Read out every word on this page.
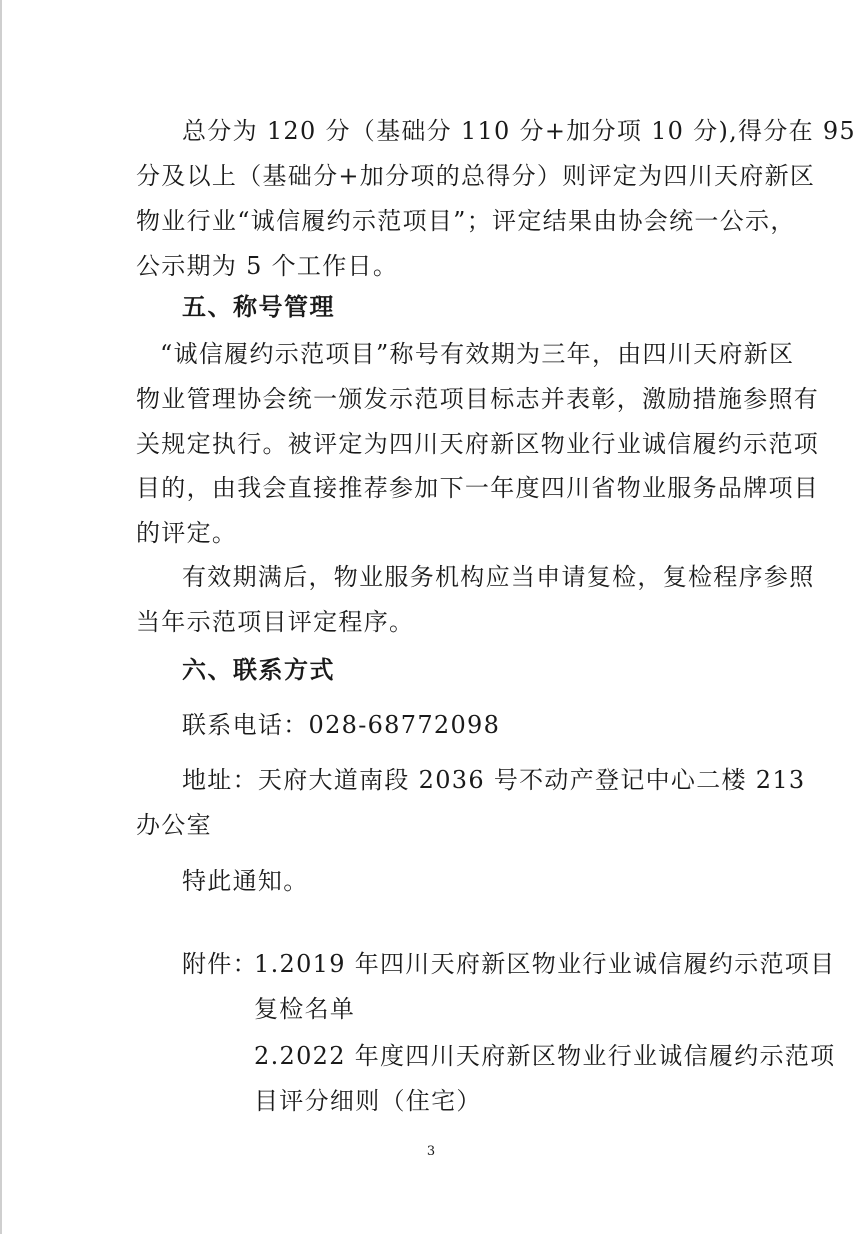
总分为 120 分（基础分 110 分+加分项 10 分),得分在 95
分及以上（基础分+加分项的总得分）则评定为四川天府新区
物业行业“诚信履约示范项目”；评定结果由协会统一公示，
公示期为 5 个工作日。
五、称号管理
“诚信履约示范项目”称号有效期为三年，由四川天府新区
物业管理协会统一颁发示范项目标志并表彰，激励措施参照有
关规定执行。被评定为四川天府新区物业行业诚信履约示范项
目的，由我会直接推荐参加下一年度四川省物业服务品牌项目
的评定。
有效期满后，物业服务机构应当申请复检，复检程序参照
当年示范项目评定程序。
六、联系方式
联系电话：028-68772098
地址：天府大道南段 2036 号不动产登记中心二楼 213
办公室
特此通知。
附件：
1.2019 年四川天府新区物业行业诚信履约示范项目
复检名单
2.2022 年度四川天府新区物业行业诚信履约示范项
目评分细则（住宅）
3
